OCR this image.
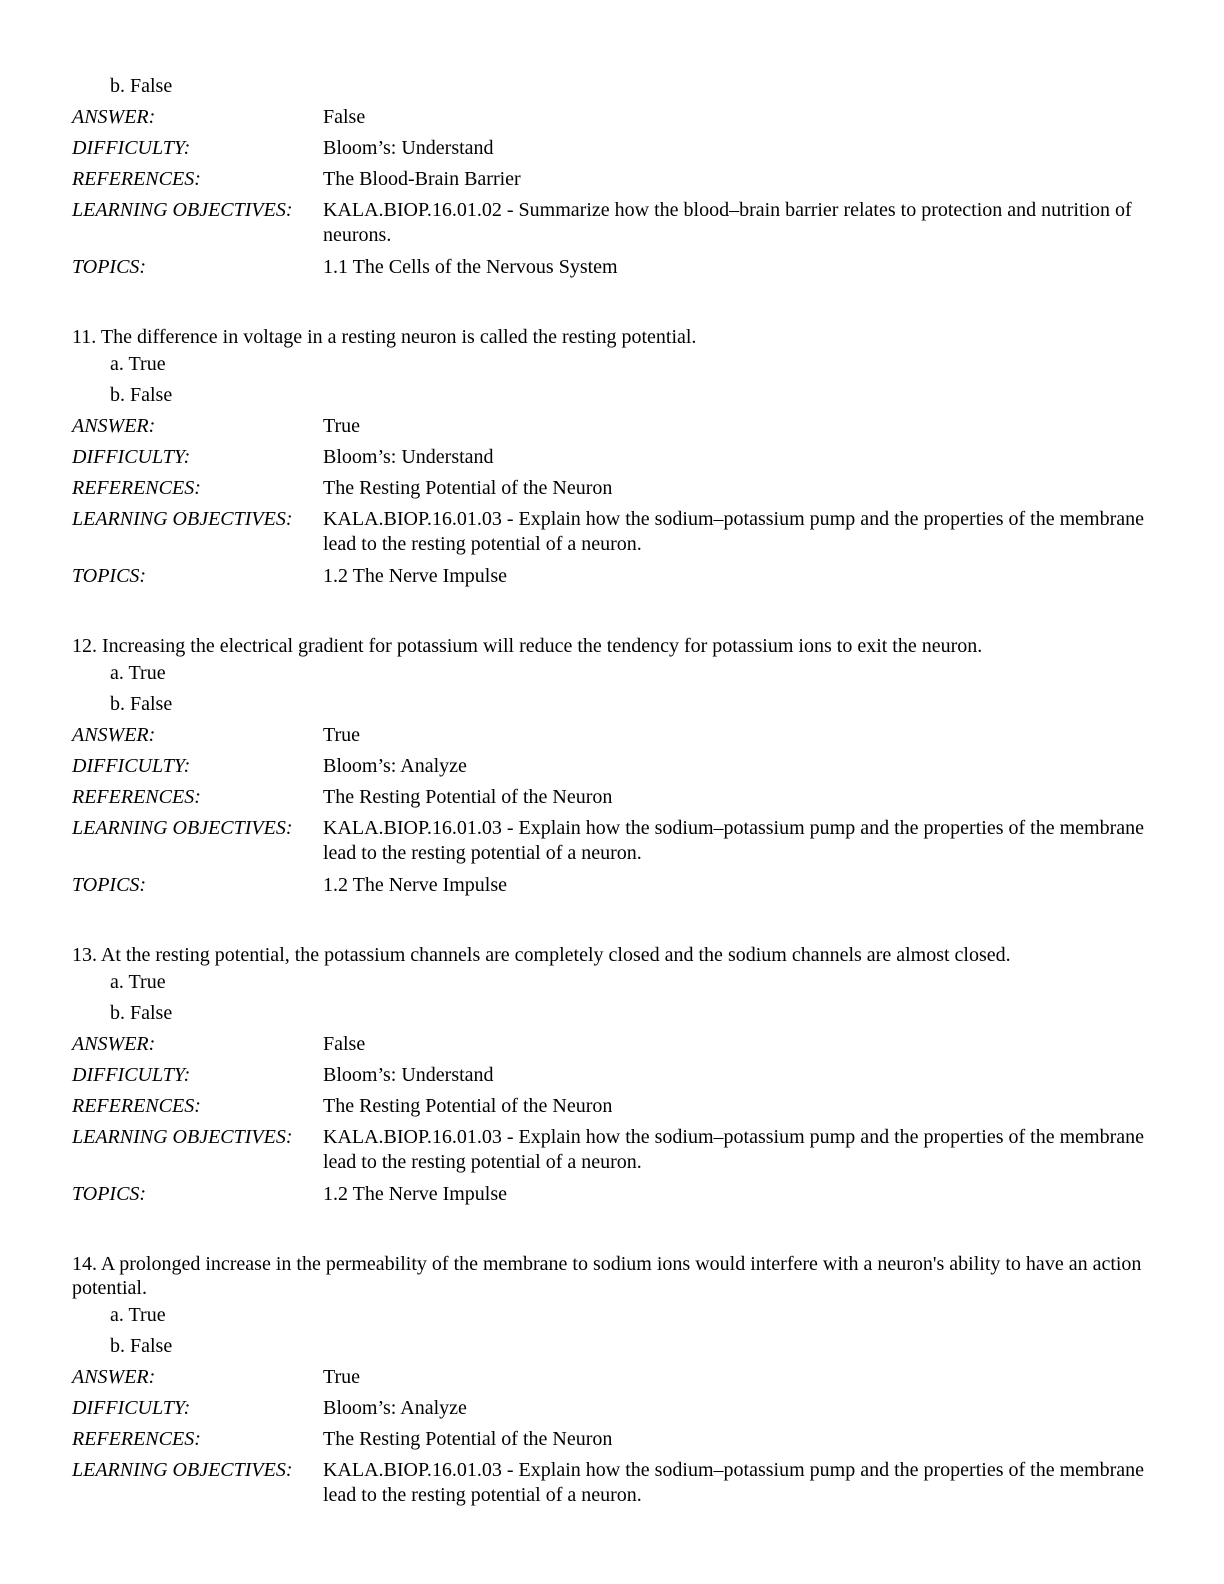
b. False
ANSWER:	False
DIFFICULTY:	Bloom’s: Understand
REFERENCES:	The Blood-Brain Barrier
LEARNING OBJECTIVES:	KALA.BIOP.16.01.02 - Summarize how the blood–brain barrier relates to protection and nutrition of neurons.
TOPICS:	1.1 The Cells of the Nervous System
11. The difference in voltage in a resting neuron is called the resting potential.
a. True
b. False
ANSWER:	True
DIFFICULTY:	Bloom’s: Understand
REFERENCES:	The Resting Potential of the Neuron
LEARNING OBJECTIVES:	KALA.BIOP.16.01.03 - Explain how the sodium–potassium pump and the properties of the membrane lead to the resting potential of a neuron.
TOPICS:	1.2 The Nerve Impulse
12. Increasing the electrical gradient for potassium will reduce the tendency for potassium ions to exit the neuron.
a. True
b. False
ANSWER:	True
DIFFICULTY:	Bloom’s: Analyze
REFERENCES:	The Resting Potential of the Neuron
LEARNING OBJECTIVES:	KALA.BIOP.16.01.03 - Explain how the sodium–potassium pump and the properties of the membrane lead to the resting potential of a neuron.
TOPICS:	1.2 The Nerve Impulse
13. At the resting potential, the potassium channels are completely closed and the sodium channels are almost closed.
a. True
b. False
ANSWER:	False
DIFFICULTY:	Bloom’s: Understand
REFERENCES:	The Resting Potential of the Neuron
LEARNING OBJECTIVES:	KALA.BIOP.16.01.03 - Explain how the sodium–potassium pump and the properties of the membrane lead to the resting potential of a neuron.
TOPICS:	1.2 The Nerve Impulse
14. A prolonged increase in the permeability of the membrane to sodium ions would interfere with a neuron's ability to have an action potential.
a. True
b. False
ANSWER:	True
DIFFICULTY:	Bloom’s: Analyze
REFERENCES:	The Resting Potential of the Neuron
LEARNING OBJECTIVES:	KALA.BIOP.16.01.03 - Explain how the sodium–potassium pump and the properties of the membrane lead to the resting potential of a neuron.
